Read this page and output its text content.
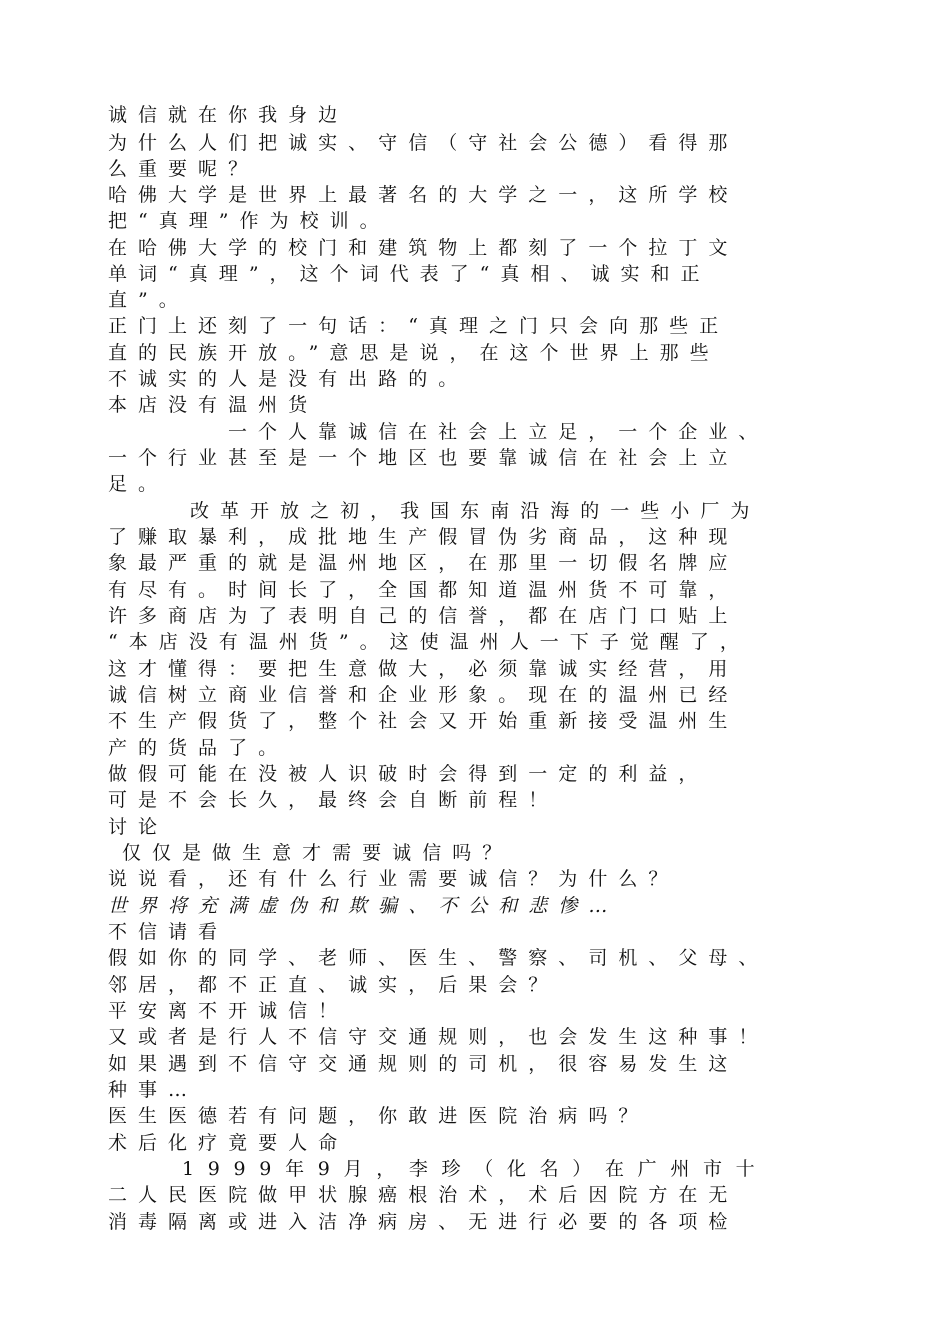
诚信就在你我身边
为什么人们把诚实、守信（守社会公德）看得那
么重要呢？
哈佛大学是世界上最著名的大学之一，这所学校
把“真理”作为校训。
在哈佛大学的校门和建筑物上都刻了一个拉丁文
单词“真理”，这个词代表了“真相、诚实和正
直”。
正门上还刻了一句话：“真理之门只会向那些正
直的民族开放。”意思是说，在这个世界上那些
不诚实的人是没有出路的。
本店没有温州货
一个人靠诚信在社会上立足，一个企业、
一个行业甚至是一个地区也要靠诚信在社会上立
足。
改革开放之初，我国东南沿海的一些小厂为
了赚取暴利，成批地生产假冒伪劣商品，这种现
象最严重的就是温州地区，在那里一切假名牌应
有尽有。时间长了，全国都知道温州货不可靠，
许多商店为了表明自己的信誉，都在店门口贴上
“本店没有温州货”。这使温州人一下子觉醒了，
这才懂得：要把生意做大，必须靠诚实经营，用
诚信树立商业信誉和企业形象。现在的温州已经
不生产假货了，整个社会又开始重新接受温州生
产的货品了。
做假可能在没被人识破时会得到一定的利益，
可是不会长久，最终会自断前程！
讨论
仅仅是做生意才需要诚信吗？
说说看，还有什么行业需要诚信？为什么？
世界将充满虚伪和欺骗、不公和悲惨…
不信请看
假如你的同学、老师、医生、警察、司机、父母、
邻居，都不正直、诚实，后果会？
平安离不开诚信！
又或者是行人不信守交通规则，也会发生这种事！
如果遇到不信守交通规则的司机，很容易发生这
种事…
医生医德若有问题，你敢进医院治病吗？
术后化疗竟要人命
1999年9月，李珍（化名）在广州市十
二人民医院做甲状腺癌根治术，术后因院方在无
消毒隔离或进入洁净病房、无进行必要的各项检
